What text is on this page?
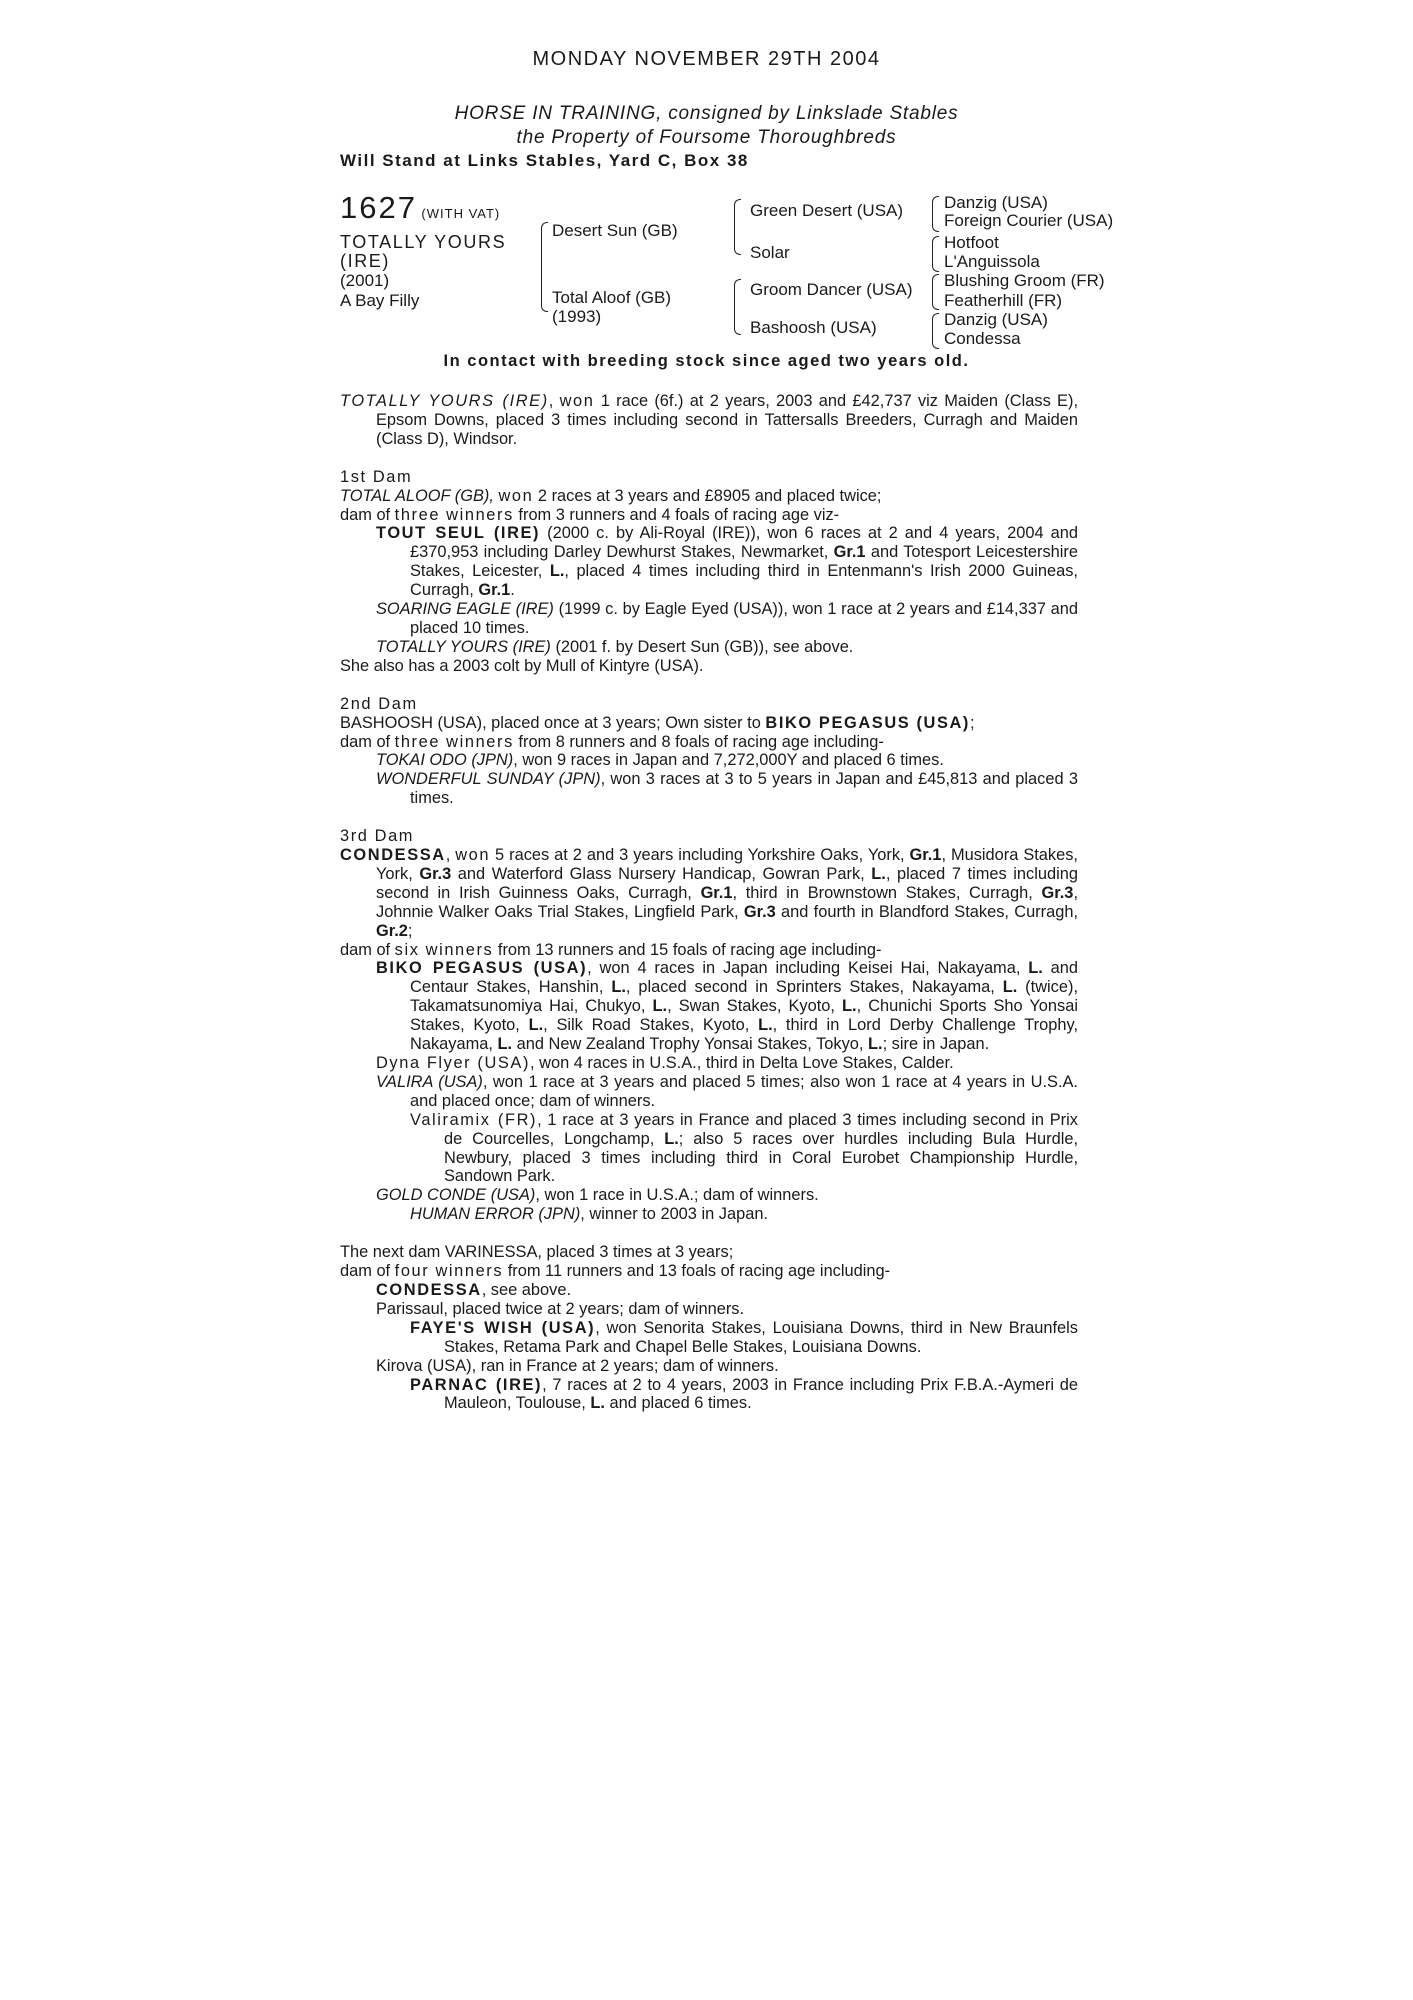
MONDAY NOVEMBER 29TH 2004
HORSE IN TRAINING, consigned by Linkslade Stables
the Property of Foursome Thoroughbreds
Will Stand at Links Stables, Yard C, Box 38
1627 (WITH VAT)
TOTALLY YOURS
(IRE)
(2001)
A Bay Filly
Desert Sun (GB)
Total Aloof (GB)
(1993)
Green Desert (USA)
Solar
Groom Dancer (USA)
Bashoosh (USA)
Danzig (USA)
Foreign Courier (USA)
Hotfoot
L'Anguissola
Blushing Groom (FR)
Featherhill (FR)
Danzig (USA)
Condessa
In contact with breeding stock since aged two years old.

TOTALLY YOURS (IRE), won 1 race (6f.) at 2 years, 2003 and £42,737 viz Maiden (Class E), Epsom Downs, placed 3 times including second in Tattersalls Breeders, Curragh and Maiden (Class D), Windsor.

1st Dam

TOTAL ALOOF (GB), won 2 races at 3 years and £8905 and placed twice;

dam of three winners from 3 runners and 4 foals of racing age viz-

TOUT SEUL (IRE) (2000 c. by Ali-Royal (IRE)), won 6 races at 2 and 4 years, 2004 and £370,953 including Darley Dewhurst Stakes, Newmarket, Gr.1 and Totesport Leicestershire Stakes, Leicester, L., placed 4 times including third in Entenmann's Irish 2000 Guineas, Curragh, Gr.1.

SOARING EAGLE (IRE) (1999 c. by Eagle Eyed (USA)), won 1 race at 2 years and £14,337 and placed 10 times.

TOTALLY YOURS (IRE) (2001 f. by Desert Sun (GB)), see above.

She also has a 2003 colt by Mull of Kintyre (USA).

2nd Dam

BASHOOSH (USA), placed once at 3 years; Own sister to BIKO PEGASUS (USA);

dam of three winners from 8 runners and 8 foals of racing age including-

TOKAI ODO (JPN), won 9 races in Japan and 7,272,000Y and placed 6 times.

WONDERFUL SUNDAY (JPN), won 3 races at 3 to 5 years in Japan and £45,813 and placed 3 times.

3rd Dam

CONDESSA, won 5 races at 2 and 3 years including Yorkshire Oaks, York, Gr.1, Musidora Stakes, York, Gr.3 and Waterford Glass Nursery Handicap, Gowran Park, L., placed 7 times including second in Irish Guinness Oaks, Curragh, Gr.1, third in Brownstown Stakes, Curragh, Gr.3, Johnnie Walker Oaks Trial Stakes, Lingfield Park, Gr.3 and fourth in Blandford Stakes, Curragh, Gr.2;

dam of six winners from 13 runners and 15 foals of racing age including-

BIKO PEGASUS (USA), won 4 races in Japan including Keisei Hai, Nakayama, L. and Centaur Stakes, Hanshin, L., placed second in Sprinters Stakes, Nakayama, L. (twice), Takamatsunomiya Hai, Chukyo, L., Swan Stakes, Kyoto, L., Chunichi Sports Sho Yonsai Stakes, Kyoto, L., Silk Road Stakes, Kyoto, L., third in Lord Derby Challenge Trophy, Nakayama, L. and New Zealand Trophy Yonsai Stakes, Tokyo, L.; sire in Japan.

Dyna Flyer (USA), won 4 races in U.S.A., third in Delta Love Stakes, Calder.

VALIRA (USA), won 1 race at 3 years and placed 5 times; also won 1 race at 4 years in U.S.A. and placed once; dam of winners.

Valiramix (FR), 1 race at 3 years in France and placed 3 times including second in Prix de Courcelles, Longchamp, L.; also 5 races over hurdles including Bula Hurdle, Newbury, placed 3 times including third in Coral Eurobet Championship Hurdle, Sandown Park.

GOLD CONDE (USA), won 1 race in U.S.A.; dam of winners.

HUMAN ERROR (JPN), winner to 2003 in Japan.

The next dam VARINESSA, placed 3 times at 3 years;

dam of four winners from 11 runners and 13 foals of racing age including-

CONDESSA, see above.

Parissaul, placed twice at 2 years; dam of winners.

FAYE'S WISH (USA), won Senorita Stakes, Louisiana Downs, third in New Braunfels Stakes, Retama Park and Chapel Belle Stakes, Louisiana Downs.

Kirova (USA), ran in France at 2 years; dam of winners.

PARNAC (IRE), 7 races at 2 to 4 years, 2003 in France including Prix F.B.A.-Aymeri de Mauleon, Toulouse, L. and placed 6 times.
